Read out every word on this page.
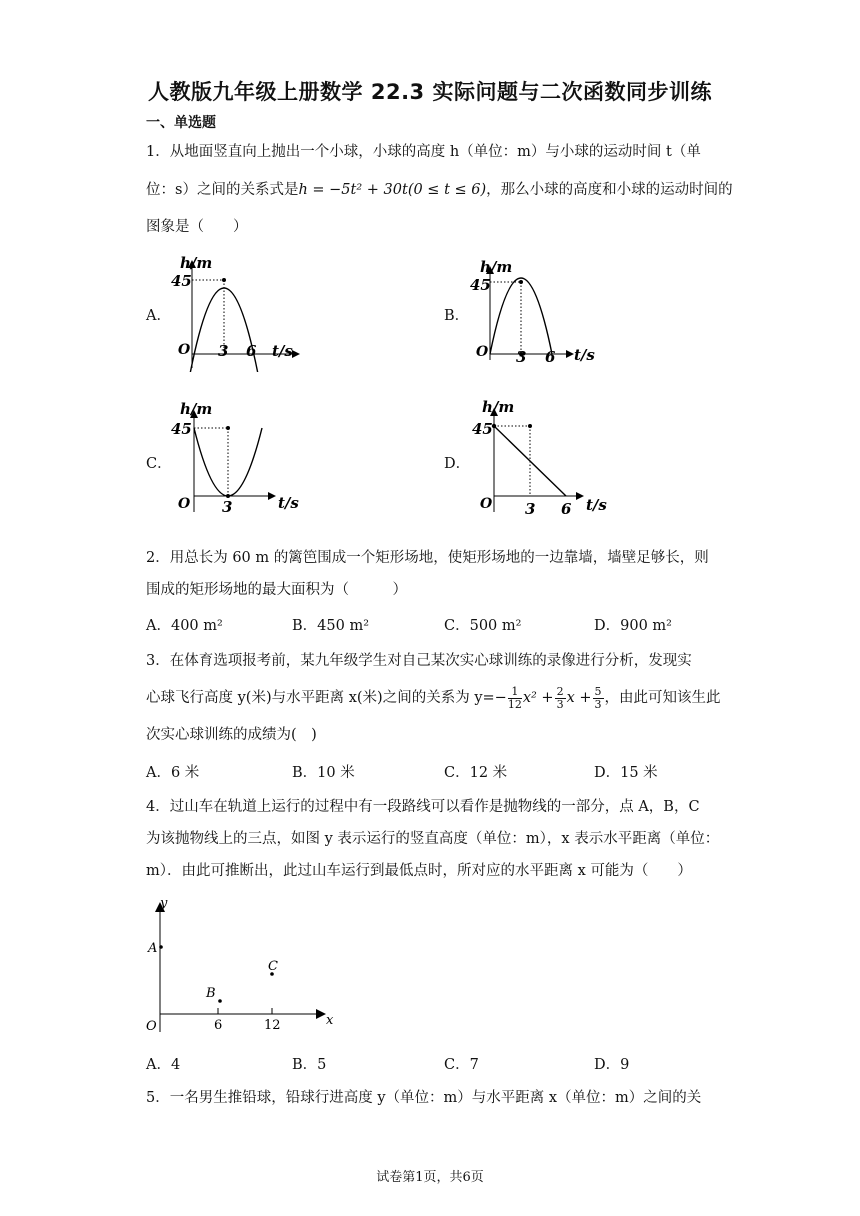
人教版九年级上册数学 22.3 实际问题与二次函数同步训练
一、单选题
1．从地面竖直向上抛出一个小球，小球的高度 h（单位：m）与小球的运动时间 t（单
位：s）之间的关系式是h = −5t² + 30t(0 ≤ t ≤ 6)，那么小球的高度和小球的运动时间的
图象是（　　）
A．	B．
C．	D．
h/m
45
O 3 6 t/s
h/m
45
O 3 6 t/s
h/m
45
O 3	t/s
h/m
45
O 3 6 t/s
2．用总长为 60 m 的篱笆围成一个矩形场地，使矩形场地的一边靠墙，墙壁足够长，则
围成的矩形场地的最大面积为（　　　）
A．400 m²	B．450 m²	C．500 m²	D．900 m²
3．在体育选项报考前，某九年级学生对自己某次实心球训练的录像进行分析，发现实
心球飞行高度 y(米)与水平距离 x(米)之间的关系为 $y=- \frac{1}{12} x^2 + \frac{2}{3}$ $x + \frac{5}{3}$ ，由此可知该生此
次实心球训练的成绩为(　)
A．6 米	B．10 米	C．12 米	D．15 米
4．过山车在轨道上运行的过程中有一段路线可以看作是抛物线的一部分，点 A，B，C
为该抛物线上的三点，如图 y 表示运行的竖直高度（单位：m），x 表示水平距离（单位：
m）．由此可推断出，此过山车运行到最低点时，所对应的水平距离 x 可能为（　　）
y
A
B
C
O	6	12	x
A．4	B．5	C．7	D．9
5．一名男生推铅球，铅球行进高度 y（单位：m）与水平距离 x（单位：m）之间的关
试卷第1页，共6页
